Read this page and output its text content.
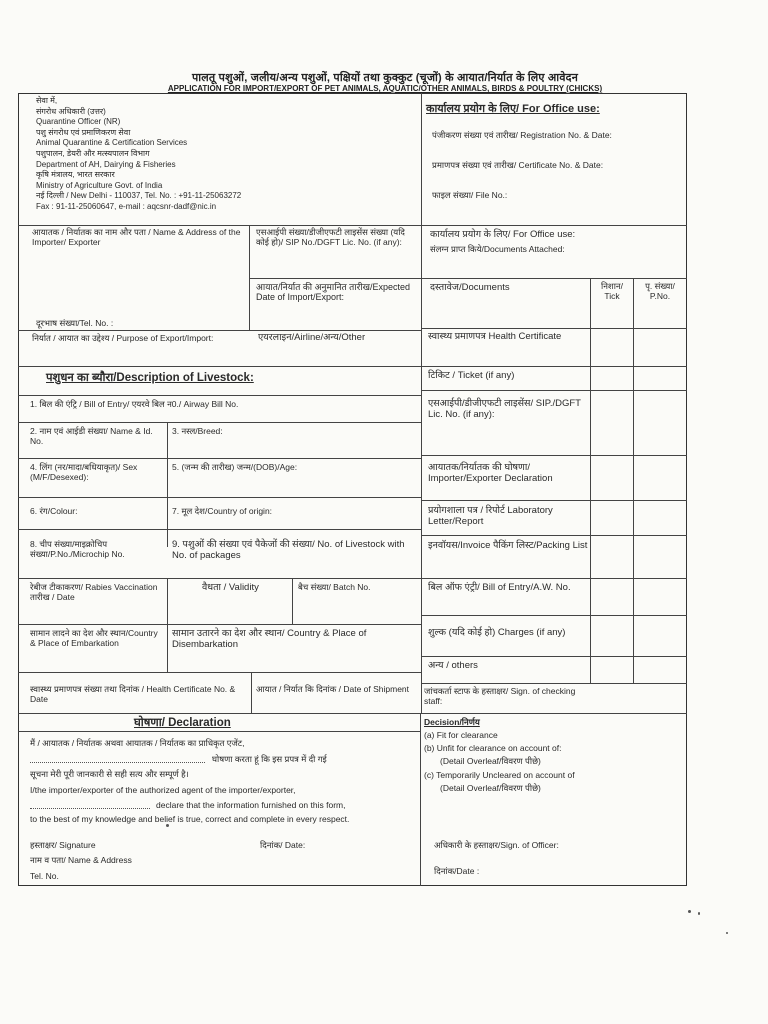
पालतू पशुओं, जलीय/अन्य पशुओं, पक्षियों तथा कुक्कुट (चूजों) के आयात/निर्यात के लिए आवेदन
APPLICATION FOR IMPORT/EXPORT OF PET ANIMALS, AQUATIC/OTHER ANIMALS, BIRDS & POULTRY (CHICKS)
सेवा में,
संगरोध अधिकारी (उत्तर)
Quarantine Officer (NR)
पशु संगरोध एवं प्रमाणिकरण सेवा
Animal Quarantine & Certification Services
पशुपालन, डेयरी और मत्स्यपालन विभाग
Department of AH, Dairying & Fisheries
कृषि मंत्रालय, भारत सरकार
Ministry of Agriculture Govt. of India
नई दिल्ली / New Delhi - 110037, Tel. No. : +91-11-25063272
Fax : 91-11-25060647, e-mail : aqcsnr-dadf@nic.in
कार्यालय प्रयोग के लिए/ For Office use:
पंजीकरण संख्या एवं तारीख/ Registration No. & Date:
प्रमाणपत्र संख्या एवं तारीख/ Certificate No. & Date:
फाइल संख्या/ File No.:
आयातक / निर्यातक का नाम और पता / Name & Address of the Importer/ Exporter
दूरभाष संख्या/Tel. No. :
एसआईपी संख्या/डीजीएफटी लाइसेंस संख्या (यदि कोई हो)/ SIP No./DGFT Lic. No. (if any):
आयात/निर्यात की अनुमानित तारीख/Expected Date of Import/Export:
निर्यात / आयात का उद्देश्य / Purpose of Export/Import:	एयरलाइन/Airline/अन्य/Other
कार्यालय प्रयोग के लिए/ For Office use:
संलग्न प्राप्त किये/Documents Attached:
दस्तावेज/Documents	निशान/ Tick
पृ. संख्या/ P.No.
स्वास्थ्य प्रमाणपत्र Health Certificate
टिकिट / Ticket (if any)
एसआईपी/डीजीएफटी लाइसेंस/ SIP./DGFT Lic. No. (if any):
आयातक/निर्यातक की घोषणा/ Importer/Exporter Declaration
प्रयोगशाला पत्र / रिपोर्ट Laboratory Letter/Report
इनवॉयस/Invoice पैकिंग लिस्ट/Packing List
बिल ऑफ एंट्री/ Bill of Entry/A.W. No.
शुल्क (यदि कोई हो) Charges (if any)
अन्य / others
जांचकर्ता स्टाफ के हस्ताक्षर/ Sign. of checking staff:
पशुधन का ब्यौरा/Description of Livestock:
1. बिल की एंट्रि / Bill of Entry/ एयरवे बिल न0./ Airway Bill No.
2. नाम एवं आईडी संख्या/ Name & Id. No.
3. नस्ल/Breed:
4. लिंग (नर/मादा/बधियाकृत)/ Sex (M/F/Desexed):
5. (जन्म की तारीख) जन्म/(DOB)/Age:
6. रंग/Colour:	7. मूल देश/Country of origin:
8. चीप संख्या/माइक्रोचिप संख्या/P.No./Microchip No.
9. पशुओं की संख्या एवं पैकेजों की संख्या/ No. of Livestock with No. of packages
रेबीज टीकाकरण/ Rabies Vaccination तारीख / Date
वैधता / Validity	बैच संख्या/ Batch No.
सामान लादने का देश और स्थान/Country & Place of Embarkation
सामान उतारने का देश और स्थान/ Country & Place of Disembarkation
स्वास्थ्य प्रमाणपत्र संख्या तथा दिनांक / Health Certificate No. & Date
आयात / निर्यात कि दिनांक / Date of Shipment
घोषणा/ Declaration
मैं / आयातक / निर्यातक अथवा आयातक / निर्यातक का प्राधिकृत एजेंट,
घोषणा करता हूं कि इस प्रपत्र में दी गई
सूचना मेरी पूरी जानकारी से सही सत्य और सम्पूर्ण है।
I/the importer/exporter of the authorized agent of the importer/exporter,
declare that the information furnished on this form,
to the best of my knowledge and belief is true, correct and complete in every respect.
हस्ताक्षर/ Signature	दिनांक/ Date:
नाम व पता/ Name & Address
Tel. No.
Decision/निर्णय
(a) Fit for clearance
(b) Unfit for clearance on account of:
(Detail Overleaf/विवरण पीछे)
(c) Temporarily Uncleared on account of
(Detail Overleaf/विवरण पीछे)
अधिकारी के हस्ताक्षर/Sign. of Officer:
दिनांक/Date :
